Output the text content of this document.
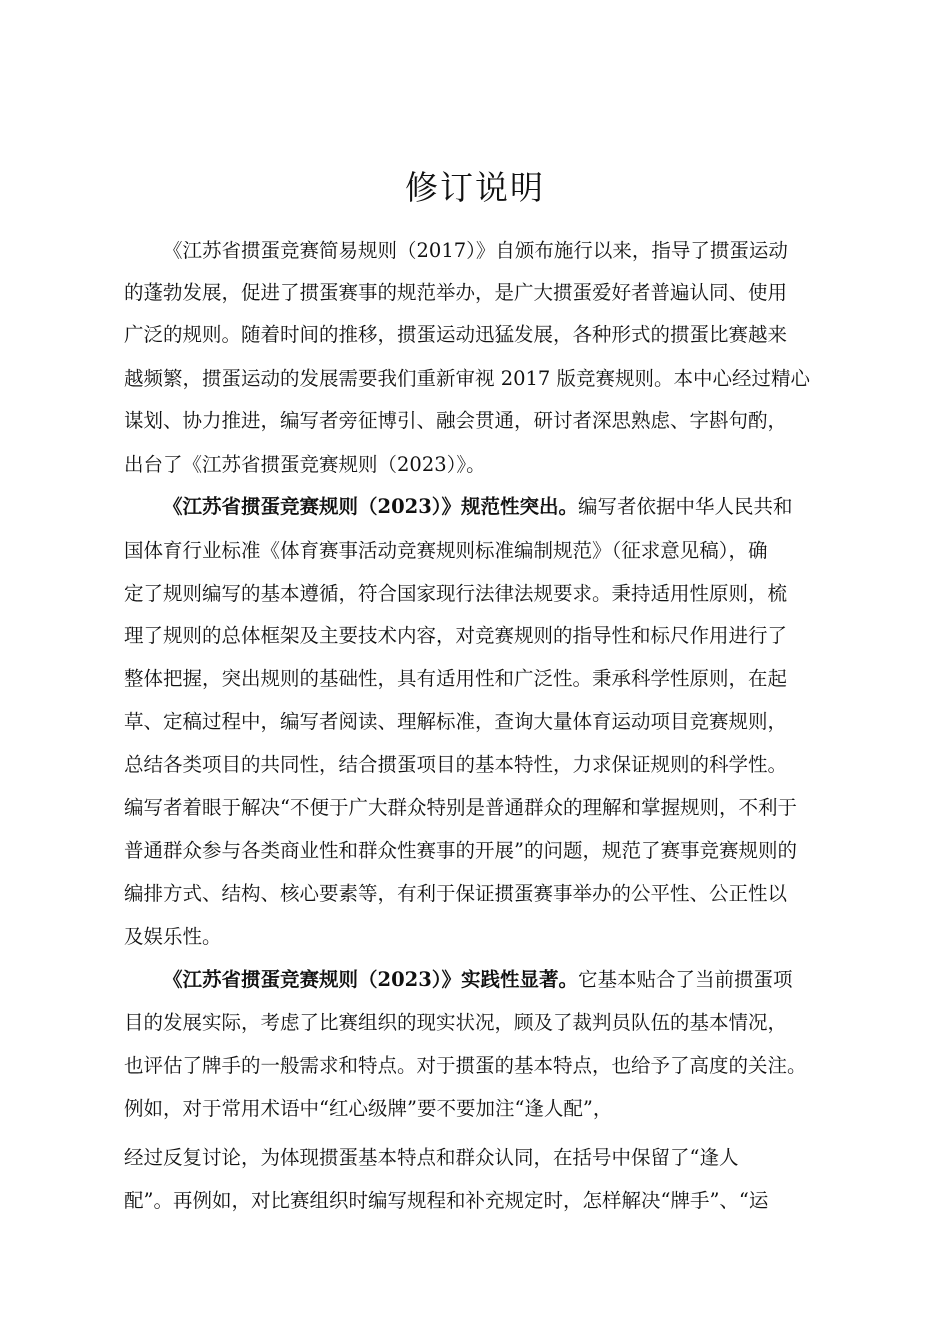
修订说明
《江苏省掼蛋竞赛简易规则（2017）》自颁布施行以来，指导了掼蛋运动
的蓬勃发展，促进了掼蛋赛事的规范举办，是广大掼蛋爱好者普遍认同、使用
广泛的规则。随着时间的推移，掼蛋运动迅猛发展，各种形式的掼蛋比赛越来
越频繁，掼蛋运动的发展需要我们重新审视 2017 版竞赛规则。本中心经过精心
谋划、协力推进，编写者旁征博引、融会贯通，研讨者深思熟虑、字斟句酌，
出台了《江苏省掼蛋竞赛规则（2023）》。
《江苏省掼蛋竞赛规则（2023）》规范性突出。编写者依据中华人民共和
国体育行业标准《体育赛事活动竞赛规则标准编制规范》（征求意见稿），确
定了规则编写的基本遵循，符合国家现行法律法规要求。秉持适用性原则，梳
理了规则的总体框架及主要技术内容，对竞赛规则的指导性和标尺作用进行了
整体把握，突出规则的基础性，具有适用性和广泛性。秉承科学性原则，在起
草、定稿过程中，编写者阅读、理解标准，查询大量体育运动项目竞赛规则，
总结各类项目的共同性，结合掼蛋项目的基本特性，力求保证规则的科学性。
编写者着眼于解决“不便于广大群众特别是普通群众的理解和掌握规则，不利于
普通群众参与各类商业性和群众性赛事的开展”的问题，规范了赛事竞赛规则的
编排方式、结构、核心要素等，有利于保证掼蛋赛事举办的公平性、公正性以
及娱乐性。
《江苏省掼蛋竞赛规则（2023）》实践性显著。它基本贴合了当前掼蛋项
目的发展实际，考虑了比赛组织的现实状况，顾及了裁判员队伍的基本情况，
也评估了牌手的一般需求和特点。对于掼蛋的基本特点，也给予了高度的关注。
例如，对于常用术语中“红心级牌”要不要加注“逢人配”，
经过反复讨论，为体现掼蛋基本特点和群众认同，在括号中保留了“逢人
配”。再例如，对比赛组织时编写规程和补充规定时，怎样解决“牌手”、“运
